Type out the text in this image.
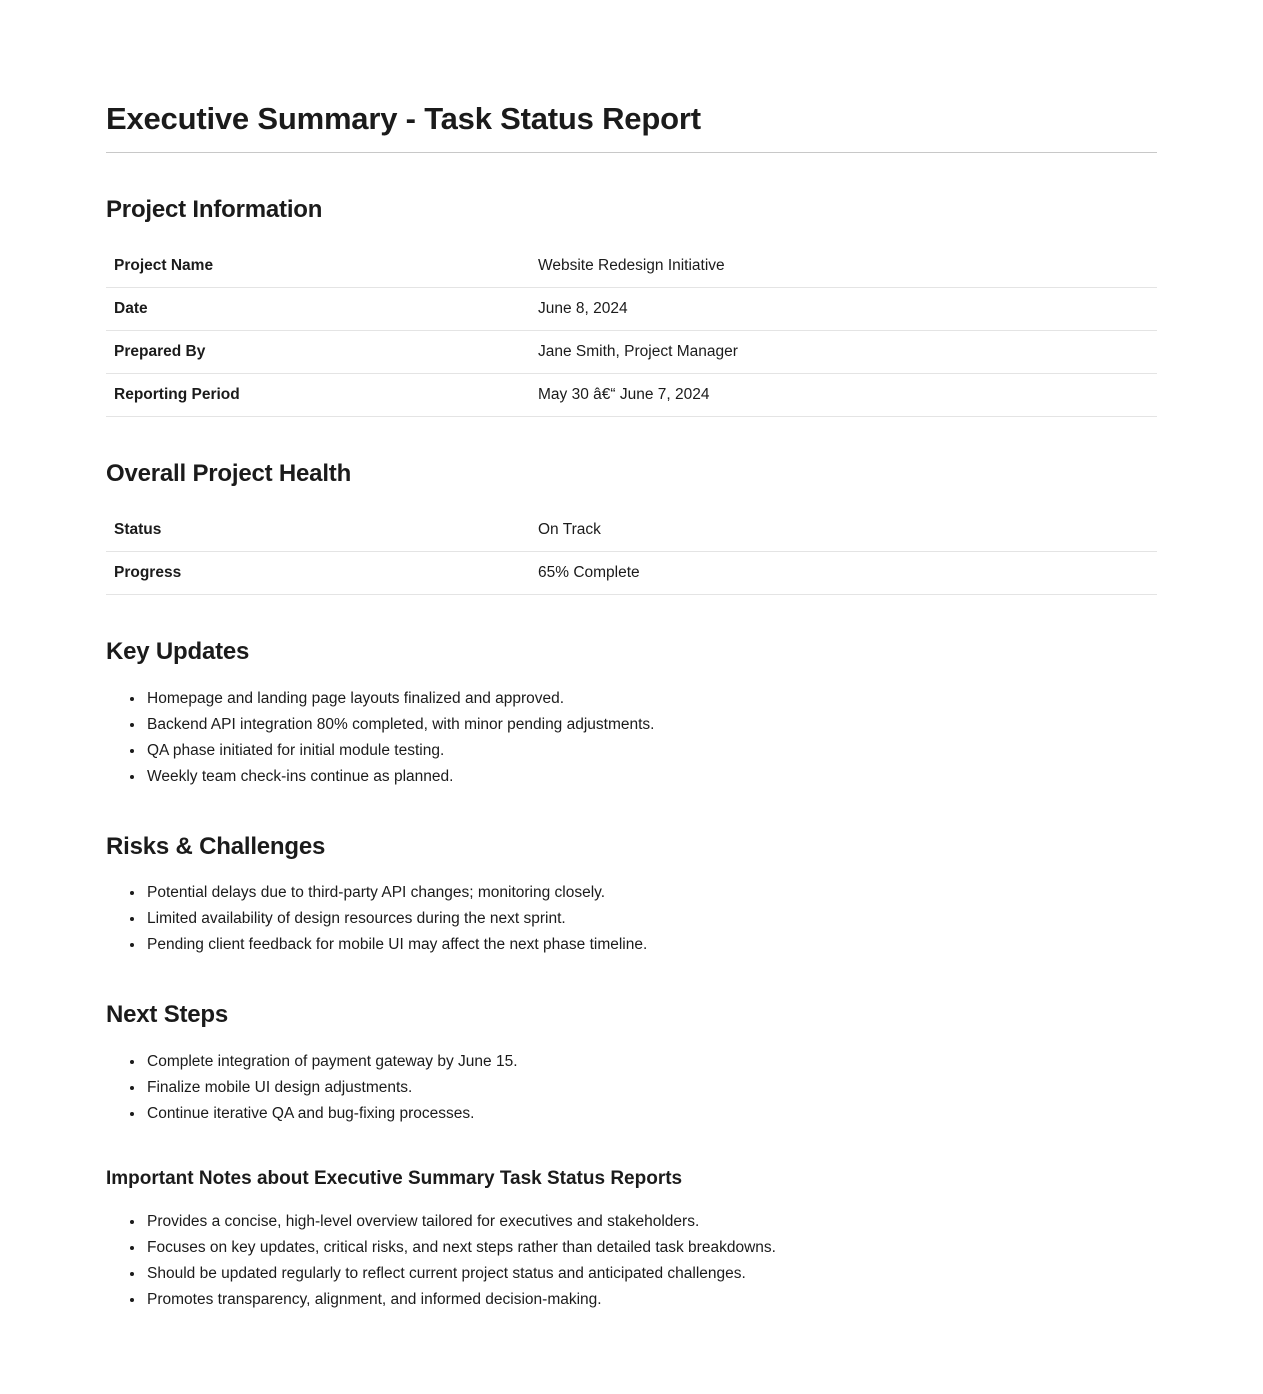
Executive Summary - Task Status Report
Project Information
Project Name	Website Redesign Initiative
Date	June 8, 2024
Prepared By	Jane Smith, Project Manager
Reporting Period	May 30 â€“ June 7, 2024
Overall Project Health
Status	On Track
Progress	65% Complete
Key Updates
• Homepage and landing page layouts finalized and approved.
• Backend API integration 80% completed, with minor pending adjustments.
• QA phase initiated for initial module testing.
• Weekly team check-ins continue as planned.
Risks & Challenges
• Potential delays due to third-party API changes; monitoring closely.
• Limited availability of design resources during the next sprint.
• Pending client feedback for mobile UI may affect the next phase timeline.
Next Steps
• Complete integration of payment gateway by June 15.
• Finalize mobile UI design adjustments.
• Continue iterative QA and bug-fixing processes.
Important Notes about Executive Summary Task Status Reports
• Provides a concise, high-level overview tailored for executives and stakeholders.
• Focuses on key updates, critical risks, and next steps rather than detailed task breakdowns.
• Should be updated regularly to reflect current project status and anticipated challenges.
• Promotes transparency, alignment, and informed decision-making.
